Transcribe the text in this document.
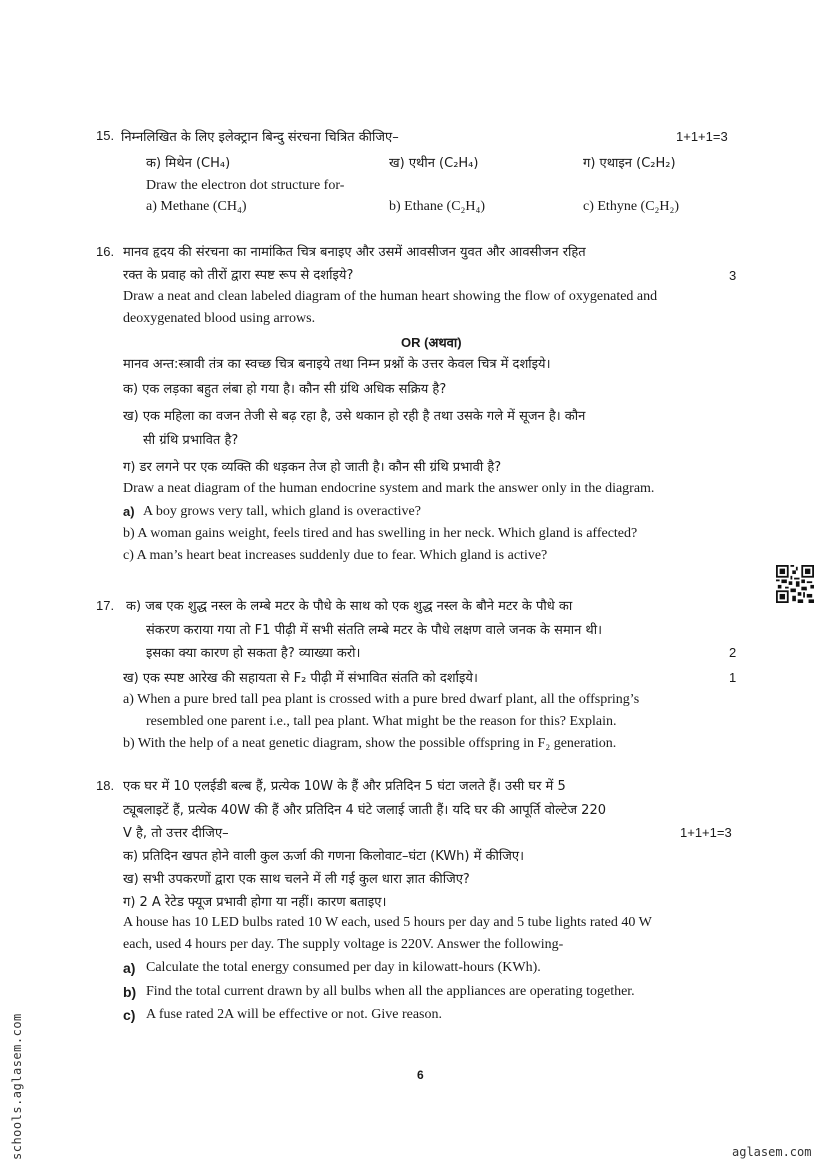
15. निम्नलिखित के लिए इलेक्ट्रान बिन्दु संरचना चित्रित कीजिए–	1+1+1=3
क) मिथेन (CH₄)	ख) एथीन (C₂H₄)	ग) एथाइन (C₂H₂)
Draw the electron dot structure for-
a) Methane (CH₄)	b) Ethane (C₂H₄)	c) Ethyne (C₂H₂)
16. मानव हृदय की संरचना का नामांकित चित्र बनाइए और उसमें आवसीजन युवत और आवसीजन रहित
रक्त के प्रवाह को तीरों द्वारा स्पष्ट रूप से दर्शाइये?	3
Draw a neat and clean labeled diagram of the human heart showing the flow of oxygenated and
deoxygenated blood using arrows.
OR (अथवा)
मानव अन्त:स्त्रावी तंत्र का स्वच्छ चित्र बनाइये तथा निम्न प्रश्नों के उत्तर केवल चित्र में दर्शाइये।
क) एक लड़का बहुत लंबा हो गया है। कौन सी ग्रंथि अधिक सक्रिय है?
ख) एक महिला का वजन तेजी से बढ़ रहा है, उसे थकान हो रही है तथा उसके गले में सूजन है। कौन
सी ग्रंथि प्रभावित है?
ग) डर लगने पर एक व्यक्ति की धड़कन तेज हो जाती है। कौन सी ग्रंथि प्रभावी है?
Draw a neat diagram of the human endocrine system and mark the answer only in the diagram.
a) A boy grows very tall, which gland is overactive?
b) A woman gains weight, feels tired and has swelling in her neck. Which gland is affected?
c) A man’s heart beat increases suddenly due to fear. Which gland is active?
17. क) जब एक शुद्ध नस्ल के लम्बे मटर के पौधे के साथ को एक शुद्ध नस्ल के बौने मटर के पौधे का
संकरण कराया गया तो F1 पीढ़ी में सभी संतति लम्बे मटर के पौधे लक्षण वाले जनक के समान थी।
इसका क्या कारण हो सकता है? व्याख्या करो।	2
ख) एक स्पष्ट आरेख की सहायता से F₂ पीढ़ी में संभावित संतति को दर्शाइये।	1
a) When a pure bred tall pea plant is crossed with a pure bred dwarf plant, all the offspring’s
resembled one parent i.e., tall pea plant. What might be the reason for this? Explain.
b) With the help of a neat genetic diagram, show the possible offspring in F₂ generation.
18. एक घर में 10 एलईडी बल्ब हैं, प्रत्येक 10W के हैं और प्रतिदिन 5 घंटा जलते हैं। उसी घर में 5
ट्यूबलाइटें हैं, प्रत्येक 40W की हैं और प्रतिदिन 4 घंटे जलाई जाती हैं। यदि घर की आपूर्ति वोल्टेज 220
V है, तो उत्तर दीजिए–	1+1+1=3
क) प्रतिदिन खपत होने वाली कुल ऊर्जा की गणना किलोवाट–घंटा (KWh) में कीजिए।
ख) सभी उपकरणों द्वारा एक साथ चलने में ली गई कुल धारा ज्ञात कीजिए?
ग) 2 A रेटेड फ्यूज प्रभावी होगा या नहीं। कारण बताइए।
A house has 10 LED bulbs rated 10 W each, used 5 hours per day and 5 tube lights rated 40 W
each, used 4 hours per day. The supply voltage is 220V. Answer the following-
a) Calculate the total energy consumed per day in kilowatt-hours (KWh).
b) Find the total current drawn by all bulbs when all the appliances are operating together.
c) A fuse rated 2A will be effective or not. Give reason.
6
schools.aglasem.com	aglasem.com
